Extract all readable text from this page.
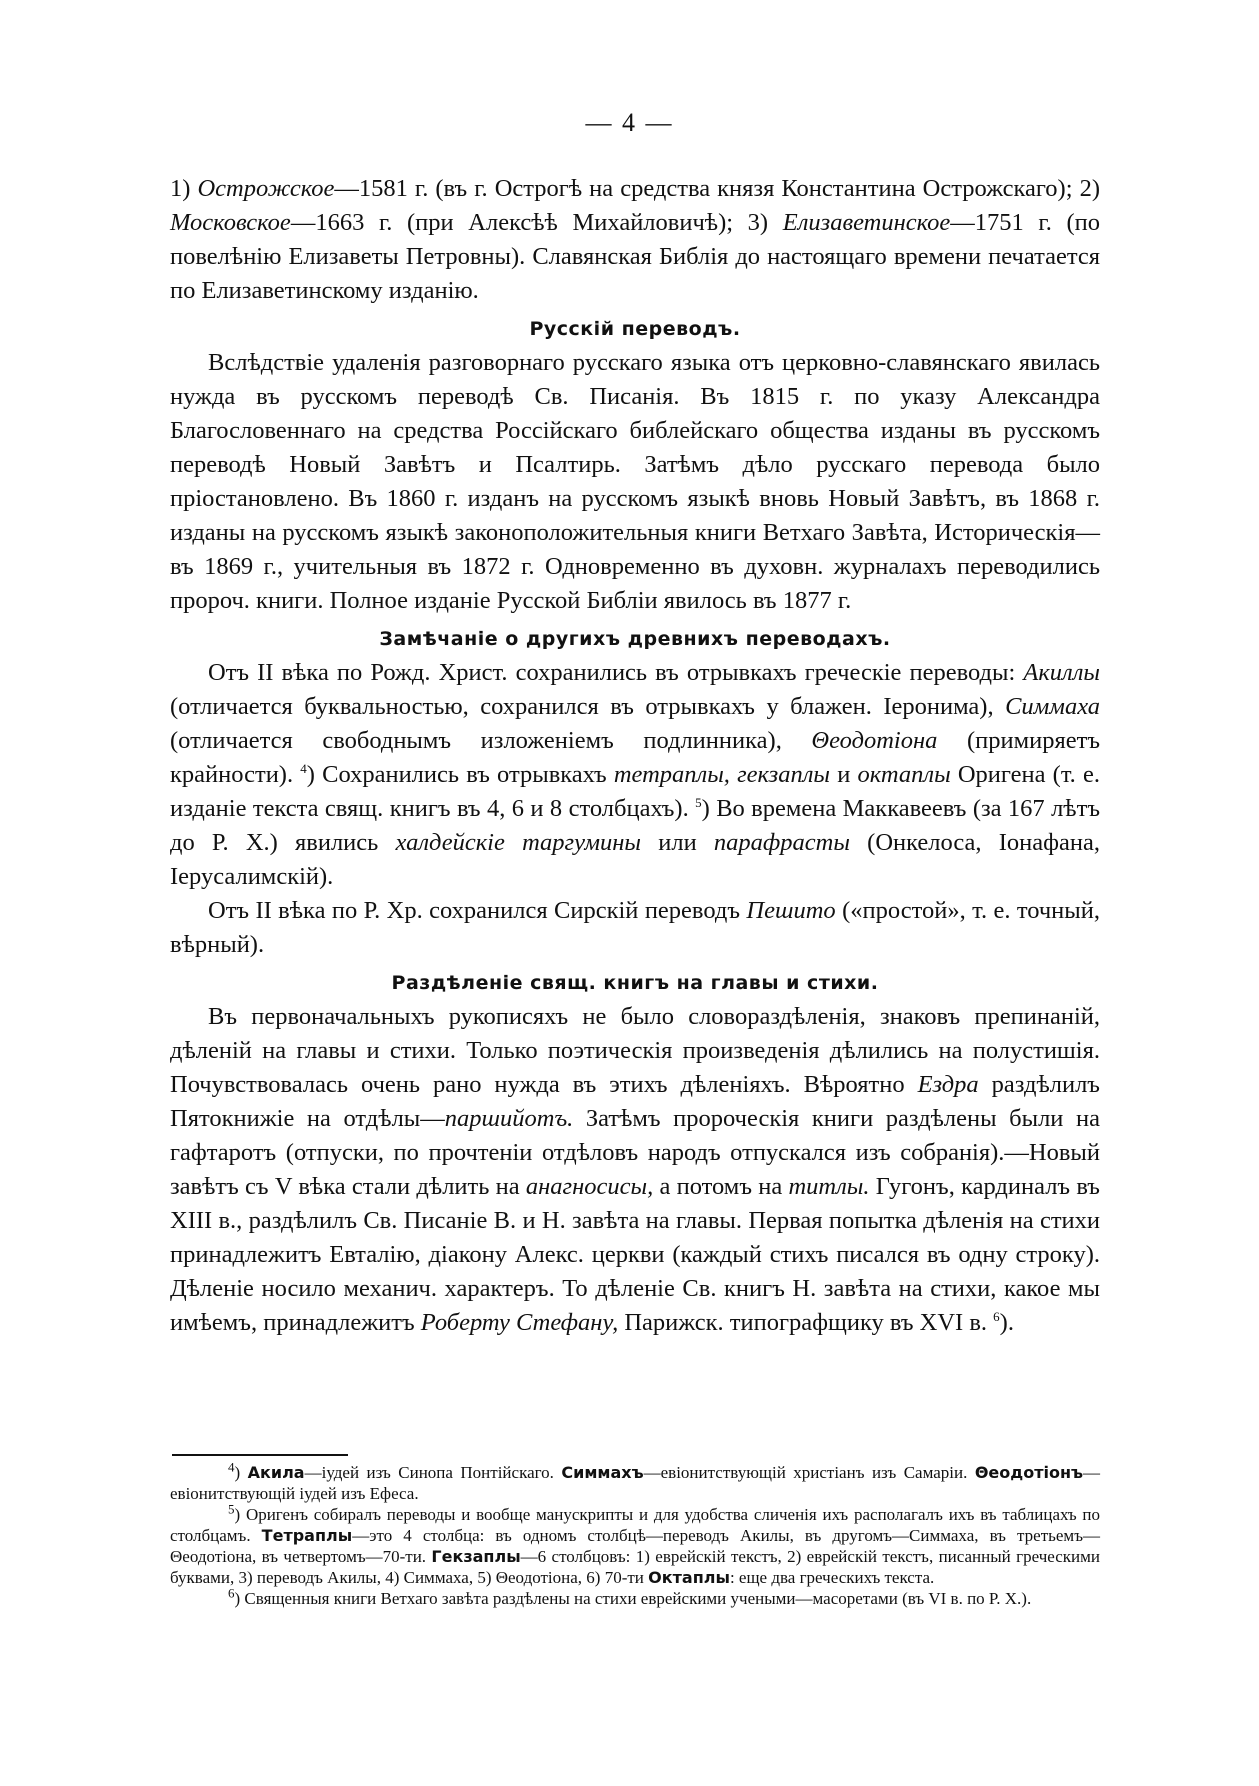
— 4 —

1) Острожское—1581 г. (въ г. Острогѣ на средства князя Константина Острожскаго); 2) Московское—1663 г. (при Алексѣѣ Михайловичѣ); 3) Елизаветинское—1751 г. (по повелѣнію Елизаветы Петровны). Славянская Библія до настоящаго времени печатается по Елизаветинскому изданію.

Русскій переводъ.

Вслѣдствіе удаленія разговорнаго русскаго языка отъ церковно-славянскаго явилась нужда въ русскомъ переводѣ Св. Писанія. Въ 1815 г. по указу Александра Благословеннаго на средства Россійскаго библейскаго общества изданы въ русскомъ переводѣ Новый Завѣтъ и Псалтирь. Затѣмъ дѣло русскаго перевода было пріостановлено. Въ 1860 г. изданъ на русскомъ языкѣ вновь Новый Завѣтъ, въ 1868 г. изданы на русскомъ языкѣ законоположительныя книги Ветхаго Завѣта, Историческія—въ 1869 г., учительныя въ 1872 г. Одновременно въ духовн. журналахъ переводились пророч. книги. Полное изданіе Русской Библіи явилось въ 1877 г.

Замѣчаніе о другихъ древнихъ переводахъ.

Отъ II вѣка по Рожд. Христ. сохранились въ отрывкахъ греческіе переводы: Акиллы (отличается буквальностью, сохранился въ отрывкахъ у блажен. Іеронима), Симмаха (отличается свободнымъ изложеніемъ подлинника), Θеодотіона (примиряетъ крайности). $^4$) Сохранились въ отрывкахъ тетраплы, гекзаплы и октаплы Оригена (т. е. изданіе текста свящ. книгъ въ 4, 6 и 8 столбцахъ). $^5$) Во времена Маккавеевъ (за 167 лѣтъ до Р. Х.) явились халдейскіе таргумины или парафрасты (Онкелоса, Іонафана, Іерусалимскій).

Отъ II вѣка по Р. Хр. сохранился Сирскій переводъ Пешито («простой», т. е. точный, вѣрный).

Раздѣленіе свящ. книгъ на главы и стихи.

Въ первоначальныхъ рукописяхъ не было словораздѣленія, знаковъ препинаній, дѣленій на главы и стихи. Только поэтическія произведенія дѣлились на полустишія. Почувствовалась очень рано нужда въ этихъ дѣленіяхъ. Вѣроятно Ездра раздѣлилъ Пятокнижіе на отдѣлы—паршийотъ. Затѣмъ пророческія книги раздѣлены были на гафтаротъ (отпуски, по прочтеніи отдѣловъ народъ отпускался изъ собранія).—Новый завѣтъ съ V вѣка стали дѣлить на анагносисы, а потомъ на титлы. Гугонъ, кардиналъ въ XIII в., раздѣлилъ Св. Писаніе В. и Н. завѣта на главы. Первая попытка дѣленія на стихи принадлежитъ Евталію, діакону Алекс. церкви (каждый стихъ писался въ одну строку). Дѣленіе носило механич. характеръ. То дѣленіе Св. книгъ Н. завѣта на стихи, какое мы имѣемъ, принадлежитъ Роберту Стефану, Парижск. типографщику въ XVI в. $^6$).

$^4$) Акила—іудей изъ Синопа Понтійскаго. Симмахъ—евіонитствующій христіанъ изъ Самаріи. Θеодотіонъ—евіонитствующій іудей изъ Ефеса.

$^5$) Оригенъ собиралъ переводы и вообще манускрипты и для удобства сличенія ихъ располагалъ ихъ въ таблицахъ по столбцамъ. Тетраплы—это 4 столбца: въ одномъ столбцѣ—переводъ Акилы, въ другомъ—Симмаха, въ третьемъ—Θеодотіона, въ четвертомъ—70-ти. Гекзаплы—6 столбцовъ: 1) еврейскій текстъ, 2) еврейскій текстъ, писанный греческими буквами, 3) переводъ Акилы, 4) Симмаха, 5) Θеодотіона, 6) 70-ти Октаплы: еще два греческихъ текста.

$^6$) Священныя книги Ветхаго завѣта раздѣлены на стихи еврейскими учеными—масоретами (въ VI в. по Р. Х.).
